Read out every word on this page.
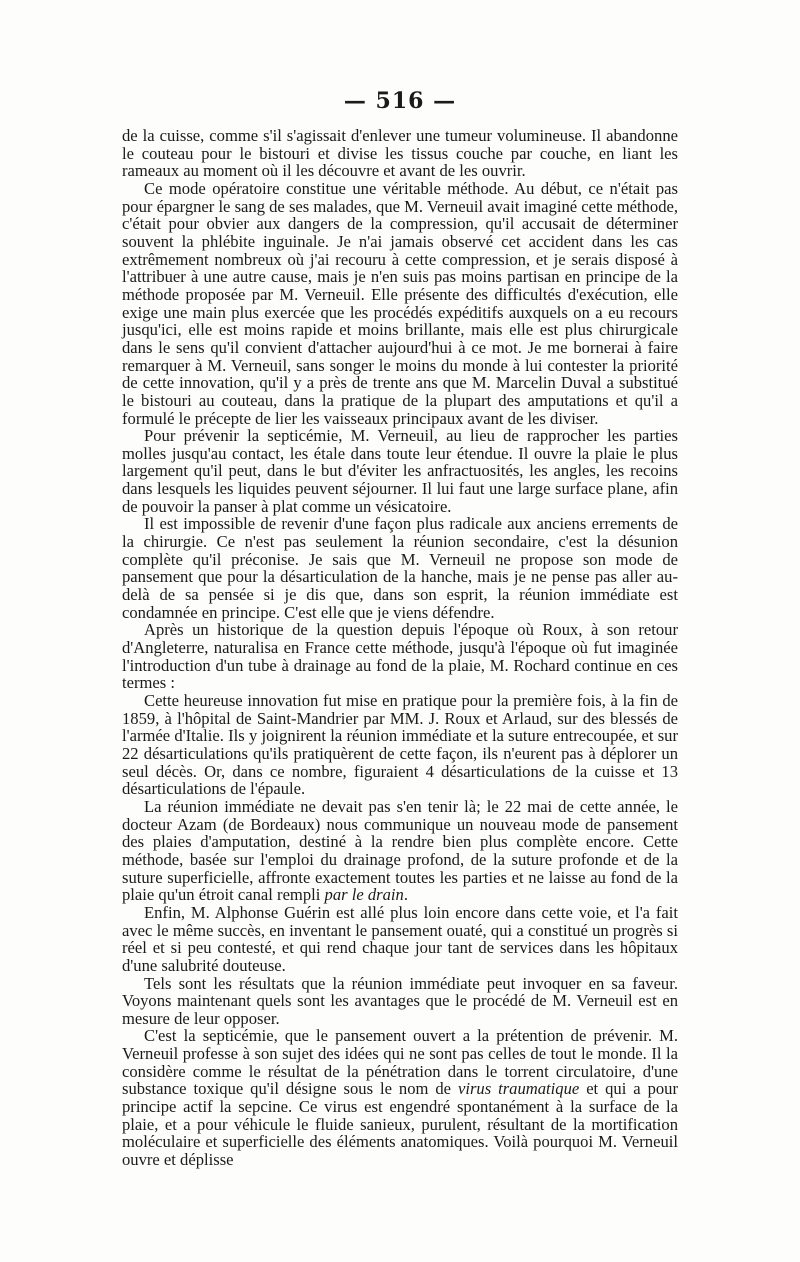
— 516 —

de la cuisse, comme s'il s'agissait d'enlever une tumeur volumineuse. Il abandonne le couteau pour le bistouri et divise les tissus couche par couche, en liant les rameaux au moment où il les découvre et avant de les ouvrir.

Ce mode opératoire constitue une véritable méthode. Au début, ce n'était pas pour épargner le sang de ses malades, que M. Verneuil avait imaginé cette méthode, c'était pour obvier aux dangers de la compression, qu'il accusait de déterminer souvent la phlébite inguinale. Je n'ai jamais observé cet accident dans les cas extrêmement nombreux où j'ai recouru à cette compression, et je serais disposé à l'attribuer à une autre cause, mais je n'en suis pas moins partisan en principe de la méthode proposée par M. Verneuil. Elle présente des difficultés d'exécution, elle exige une main plus exercée que les procédés expéditifs auxquels on a eu recours jusqu'ici, elle est moins rapide et moins brillante, mais elle est plus chirurgicale dans le sens qu'il convient d'attacher aujourd'hui à ce mot. Je me bornerai à faire remarquer à M. Verneuil, sans songer le moins du monde à lui contester la priorité de cette innovation, qu'il y a près de trente ans que M. Marcelin Duval a substitué le bistouri au couteau, dans la pratique de la plupart des amputations et qu'il a formulé le précepte de lier les vaisseaux principaux avant de les diviser.

Pour prévenir la septicémie, M. Verneuil, au lieu de rapprocher les parties molles jusqu'au contact, les étale dans toute leur étendue. Il ouvre la plaie le plus largement qu'il peut, dans le but d'éviter les anfractuosités, les angles, les recoins dans lesquels les liquides peuvent séjourner. Il lui faut une large surface plane, afin de pouvoir la panser à plat comme un vésicatoire.

Il est impossible de revenir d'une façon plus radicale aux anciens errements de la chirurgie. Ce n'est pas seulement la réunion secondaire, c'est la désunion complète qu'il préconise. Je sais que M. Verneuil ne propose son mode de pansement que pour la désarticulation de la hanche, mais je ne pense pas aller au-delà de sa pensée si je dis que, dans son esprit, la réunion immédiate est condamnée en principe. C'est elle que je viens défendre.

Après un historique de la question depuis l'époque où Roux, à son retour d'Angleterre, naturalisa en France cette méthode, jusqu'à l'époque où fut imaginée l'introduction d'un tube à drainage au fond de la plaie, M. Rochard continue en ces termes :

Cette heureuse innovation fut mise en pratique pour la première fois, à la fin de 1859, à l'hôpital de Saint-Mandrier par MM. J. Roux et Arlaud, sur des blessés de l'armée d'Italie. Ils y joignirent la réunion immédiate et la suture entrecoupée, et sur 22 désarticulations qu'ils pratiquèrent de cette façon, ils n'eurent pas à déplorer un seul décès. Or, dans ce nombre, figuraient 4 désarticulations de la cuisse et 13 désarticulations de l'épaule.

La réunion immédiate ne devait pas s'en tenir là; le 22 mai de cette année, le docteur Azam (de Bordeaux) nous communique un nouveau mode de pansement des plaies d'amputation, destiné à la rendre bien plus complète encore. Cette méthode, basée sur l'emploi du drainage profond, de la suture profonde et de la suture superficielle, affronte exactement toutes les parties et ne laisse au fond de la plaie qu'un étroit canal rempli par le drain.

Enfin, M. Alphonse Guérin est allé plus loin encore dans cette voie, et l'a fait avec le même succès, en inventant le pansement ouaté, qui a constitué un progrès si réel et si peu contesté, et qui rend chaque jour tant de services dans les hôpitaux d'une salubrité douteuse.

Tels sont les résultats que la réunion immédiate peut invoquer en sa faveur. Voyons maintenant quels sont les avantages que le procédé de M. Verneuil est en mesure de leur opposer.

C'est la septicémie, que le pansement ouvert a la prétention de prévenir. M. Verneuil professe à son sujet des idées qui ne sont pas celles de tout le monde. Il la considère comme le résultat de la pénétration dans le torrent circulatoire, d'une substance toxique qu'il désigne sous le nom de virus traumatique et qui a pour principe actif la sepcine. Ce virus est engendré spontanément à la surface de la plaie, et a pour véhicule le fluide sanieux, purulent, résultant de la mortification moléculaire et superficielle des éléments anatomiques. Voilà pourquoi M. Verneuil ouvre et déplisse
